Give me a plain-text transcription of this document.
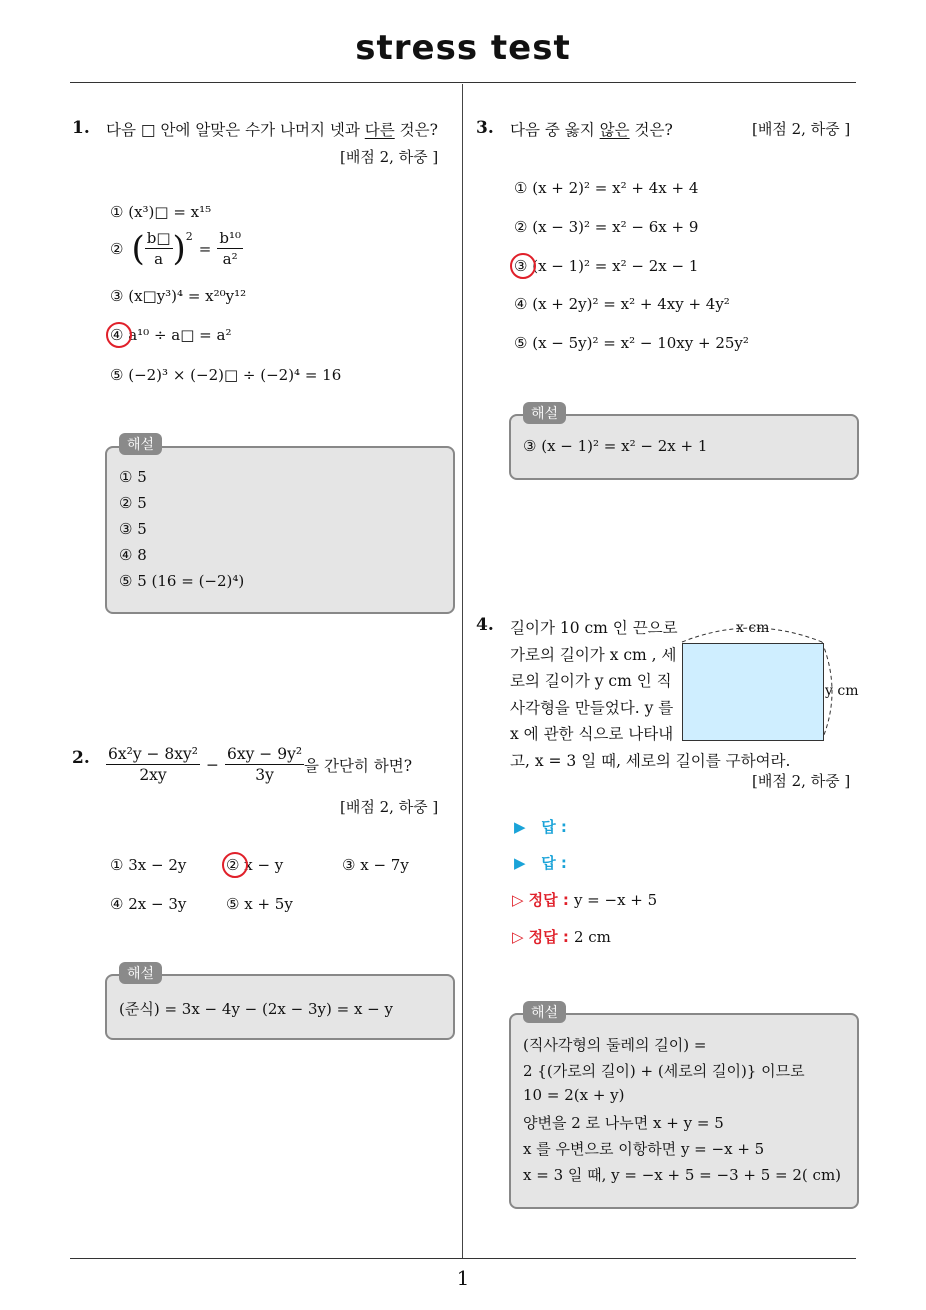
stress test
1
1. 다음 □ 안에 알맞은 수가 나머지 넷과 다른 것은?
[배점 2, 하중 ]
① (x³)□ = x¹⁵
② ( $\frac{b□}{a}$ ) 2
= $\frac{\text{b¹⁰}}{\text{a²}}$
③ (x□y³)⁴ = x²⁰y¹²
④ a¹⁰ ÷ a□ = a²
⑤ (−2)³ × (−2)□ ÷ (−2)⁴ = 16
해설
① 5
② 5
③ 5
④ 8
⑤ 5 (16 = (−2)⁴)
2. $\frac{\text{6x²y − 8xy²}}{2xy} - \frac{\text{6xy − 9y²}}{3y}$ 을 간단히 하면?
[배점 2, 하중 ]
① 3x − 2y	② x − y	③ x − 7y
④ 2x − 3y	⑤ x + 5y
해설
(준식) = 3x − 4y − (2x − 3y) = x − y
3. 다음 중 옳지 않은 것은?	[배점 2, 하중 ]
① (x + 2)² = x² + 4x + 4
② (x − 3)² = x² − 6x + 9
③ (x − 1)² = x² − 2x − 1
④ (x + 2y)² = x² + 4xy + 4y²
⑤ (x − 5y)² = x² − 10xy + 25y²
해설
③ (x − 1)² = x² − 2x + 1
4. 길이가 10 cm 인 끈으로
가로의 길이가 x cm , 세
로의 길이가 y cm 인 직
사각형을 만들었다. y 를
x 에 관한 식으로 나타내
고, x = 3 일 때, 세로의 길이를 구하여라.
x cm
y cm
[배점 2, 하중 ]
▶ 답 :
▶ 답 :
▷ 정답 : y = −x + 5
▷ 정답 : 2 cm
해설
(직사각형의 둘레의 길이) =
2 {(가로의 길이) + (세로의 길이)} 이므로
10 = 2(x + y)
양변을 2 로 나누면 x + y = 5
x 를 우변으로 이항하면 y = −x + 5
x = 3 일 때, y = −x + 5 = −3 + 5 = 2( cm)
